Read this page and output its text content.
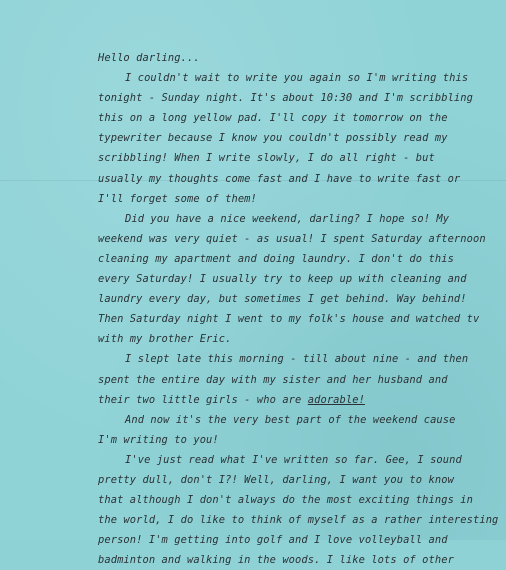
Hello darling...
I couldn't wait to write you again so I'm writing this
tonight - Sunday night. It's about 10:30 and I'm scribbling
this on a long yellow pad. I'll copy it tomorrow on the
typewriter because I know you couldn't possibly read my
scribbling! When I write slowly, I do all right - but
usually my thoughts come fast and I have to write fast or
I'll forget some of them!
Did you have a nice weekend, darling? I hope so! My
weekend was very quiet - as usual! I spent Saturday afternoon
cleaning my apartment and doing laundry. I don't do this
every Saturday! I usually try to keep up with cleaning and
laundry every day, but sometimes I get behind. Way behind!
Then Saturday night I went to my folk's house and watched tv
with my brother Eric.
I slept late this morning - till about nine - and then
spent the entire day with my sister and her husband and
their two little girls - who are adorable!
And now it's the very best part of the weekend cause
I'm writing to you!
I've just read what I've written so far. Gee, I sound
pretty dull, don't I?! Well, darling, I want you to know
that although I don't always do the most exciting things in
the world, I do like to think of myself as a rather interesting
person! I'm getting into golf and I love volleyball and
badminton and walking in the woods. I like lots of other
